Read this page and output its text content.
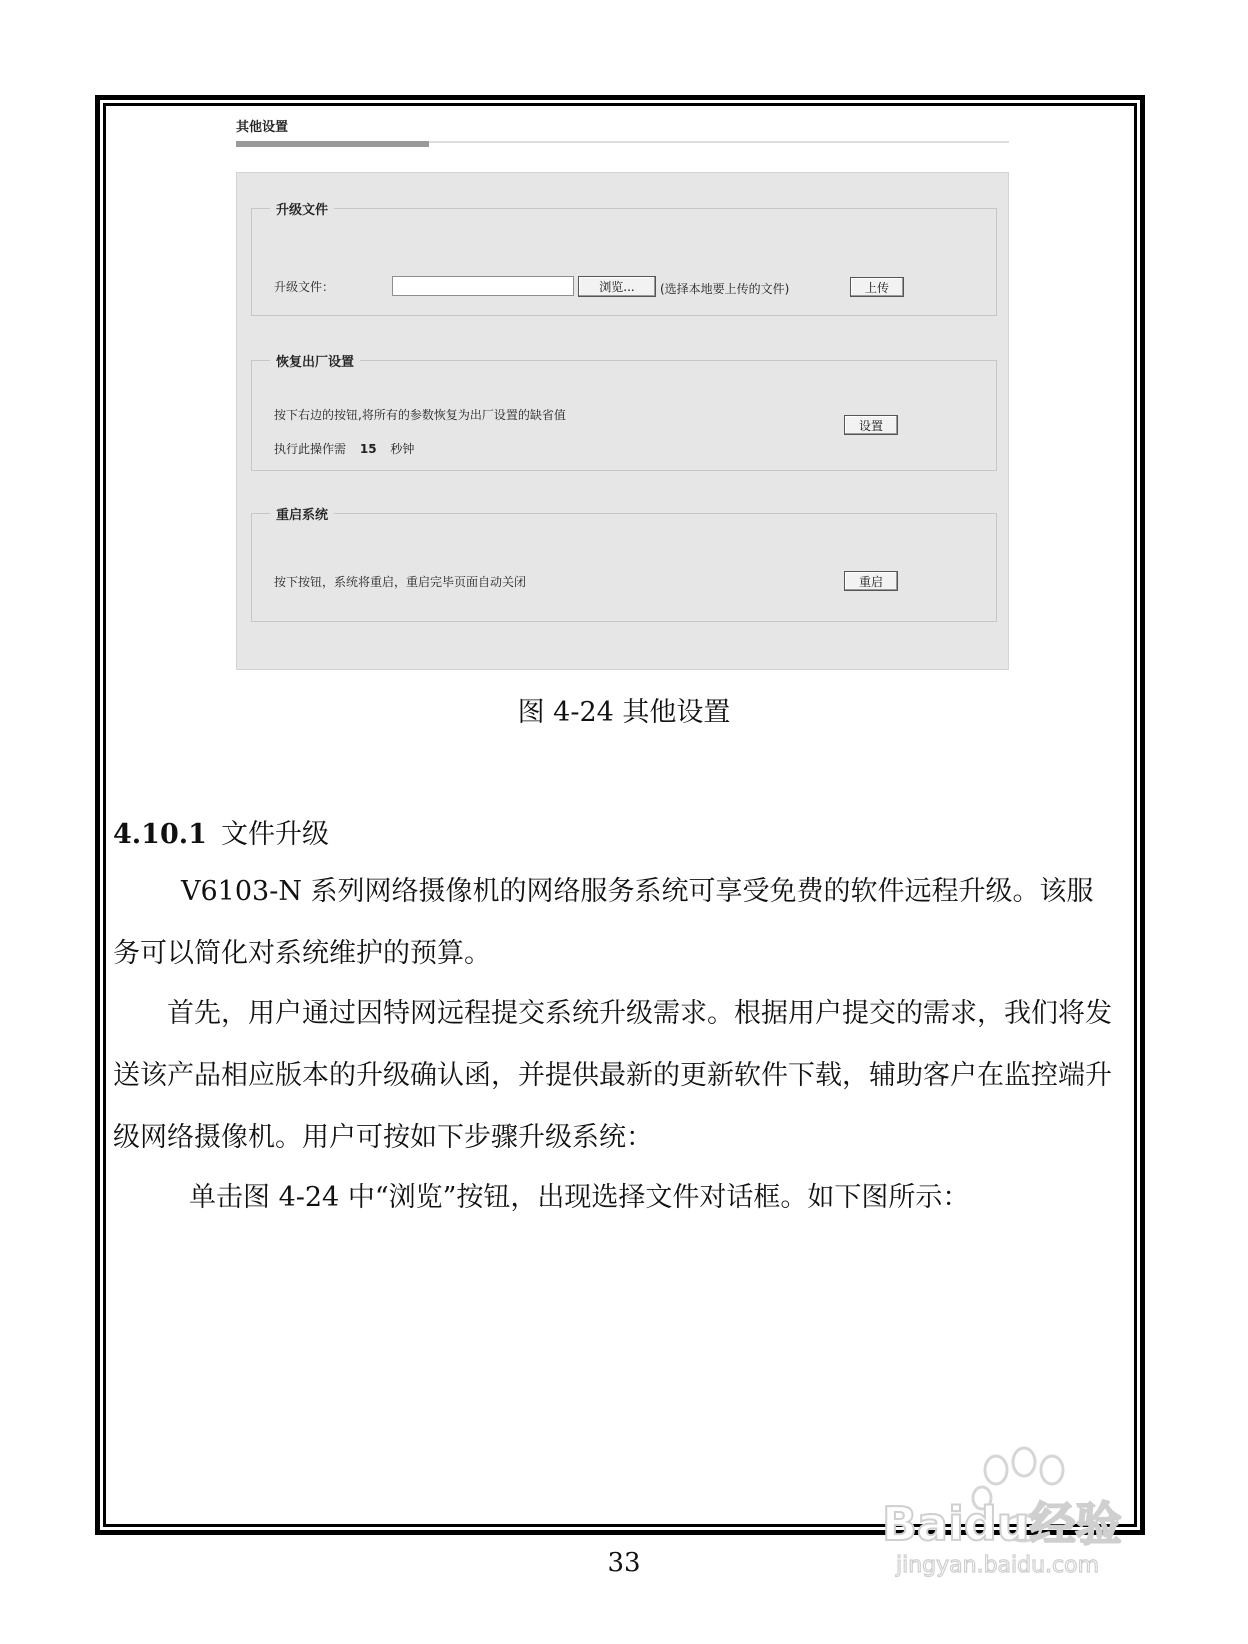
其他设置
升级文件
升级文件：	浏览...	(选择本地要上传的文件)	上传
恢复出厂设置
按下右边的按钮,将所有的参数恢复为出厂设置的缺省值
执行此操作需 15 秒钟
设置
重启系统
按下按钮，系统将重启，重启完毕页面自动关闭	重启
图 4-24 其他设置
4.10.1 文件升级

V6103-N 系列网络摄像机的网络服务系统可享受免费的软件远程升级。该服务可以简化对系统维护的预算。

首先，用户通过因特网远程提交系统升级需求。根据用户提交的需求，我们将发送该产品相应版本的升级确认函，并提供最新的更新软件下载，辅助客户在监控端升级网络摄像机。用户可按如下步骤升级系统：

单击图 4-24 中“浏览”按钮，出现选择文件对话框。如下图所示：

33
Baidu经验
jingyan.baidu.com
